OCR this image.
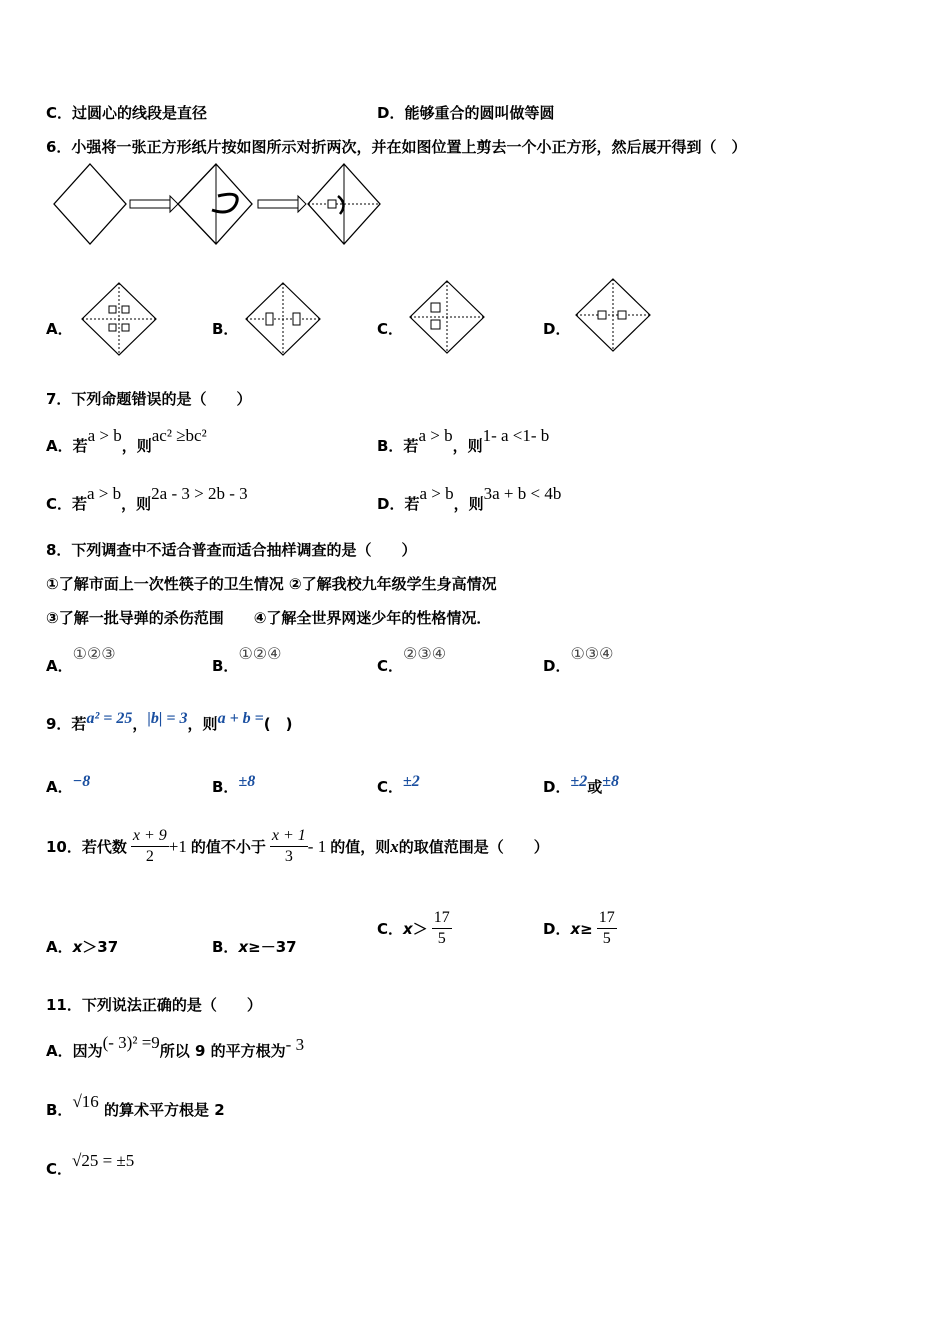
C．过圆心的线段是直径	D．能够重合的圆叫做等圆
6．小强将一张正方形纸片按如图所示对折两次，并在如图位置上剪去一个小正方形，然后展开得到（　）
A．	B．	C．	D．
7．下列命题错误的是（　　）
A．若a > b，则ac² ≥bc²
B．若a > b，则1- a <1- b
C．若a > b，则2a - 3 > 2b - 3
D．若a > b，则3a + b < 4b
8．下列调查中不适合普查而适合抽样调查的是（　　）
①了解市面上一次性筷子的卫生情况 ②了解我校九年级学生身高情况
③了解一批导弹的杀伤范围　　④了解全世界网迷少年的性格情况．
A．①②③
B．①②④
C．②③④
D．①③④
9．若a² = 25，|b| = 3，则a + b =(　)
A．−8	B．±8	C．±2	D．±2或±8
10．若代数 $\frac{x + 9}{2} +1$ 的值不小于 $\frac{x + 1}{3} - 1$ 的值，则 x 的取值范围是（　　）
A．x＞37	B．x≥－37
C． $x > \frac{17}{5}$	D． $x \ge \frac{17}{5}$
11．下列说法正确的是（　　）
A．因为(- 3)² =9所以 9 的平方根为- 3
B．√16 的算术平方根是 2
C．√25 = ±5
